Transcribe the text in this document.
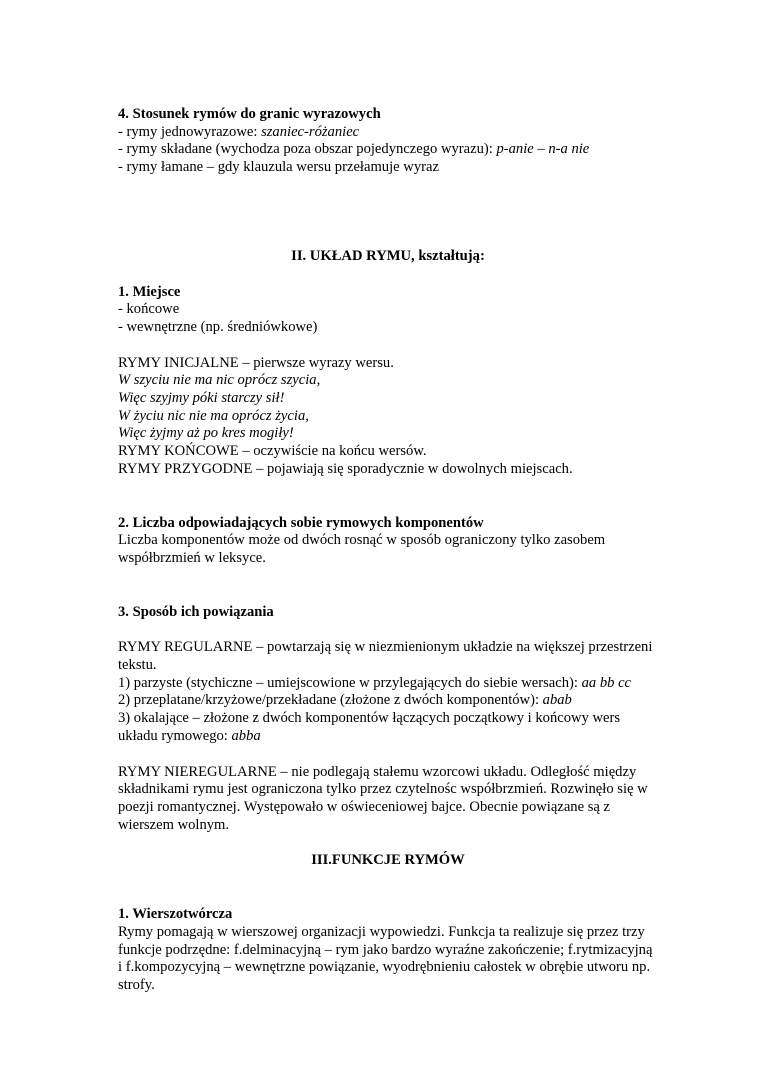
4. Stosunek rymów do granic wyrazowych

- rymy jednowyrazowe: szaniec-różaniec

- rymy składane (wychodza poza obszar pojedynczego wyrazu): p-anie – n-a nie

- rymy łamane – gdy klauzula wersu przełamuje wyraz

II. UKŁAD RYMU, kształtują:

1. Miejsce

- końcowe

- wewnętrzne (np. średniówkowe)

RYMY INICJALNE – pierwsze wyrazy wersu.

W szyciu nie ma nic oprócz szycia,

Więc szyjmy póki starczy sił!

W życiu nic nie ma oprócz życia,

Więc żyjmy aż po kres mogiły!

RYMY KOŃCOWE – oczywiście na końcu wersów.

RYMY PRZYGODNE – pojawiają się sporadycznie w dowolnych miejscach.

2. Liczba odpowiadających sobie rymowych komponentów

Liczba komponentów może od dwóch rosnąć w sposób ograniczony tylko zasobem współbrzmień w leksyce.

3. Sposób ich powiązania

RYMY REGULARNE – powtarzają się w niezmienionym układzie na większej przestrzeni tekstu.

1) parzyste (stychiczne – umiejscowione w przylegających do siebie wersach): aa bb cc

2) przeplatane/krzyżowe/przekładane (złożone z dwóch komponentów): abab

3) okalające – złożone z dwóch komponentów łączących początkowy i końcowy wers układu rymowego: abba

RYMY NIEREGULARNE – nie podlegają stałemu wzorcowi układu. Odległość między składnikami rymu jest ograniczona tylko przez czytelnośc współbrzmień. Rozwinęło się w poezji romantycznej. Występowało w oświeceniowej bajce. Obecnie powiązane są z wierszem wolnym.

III.FUNKCJE RYMÓW

1. Wierszotwórcza

Rymy pomagają w wierszowej organizacji wypowiedzi. Funkcja ta realizuje się przez trzy funkcje podrzędne: f.delminacyjną – rym jako bardzo wyraźne zakończenie; f.rytmizacyjną i f.kompozycyjną – wewnętrzne powiązanie, wyodrębnieniu całostek w obrębie utworu np. strofy.
